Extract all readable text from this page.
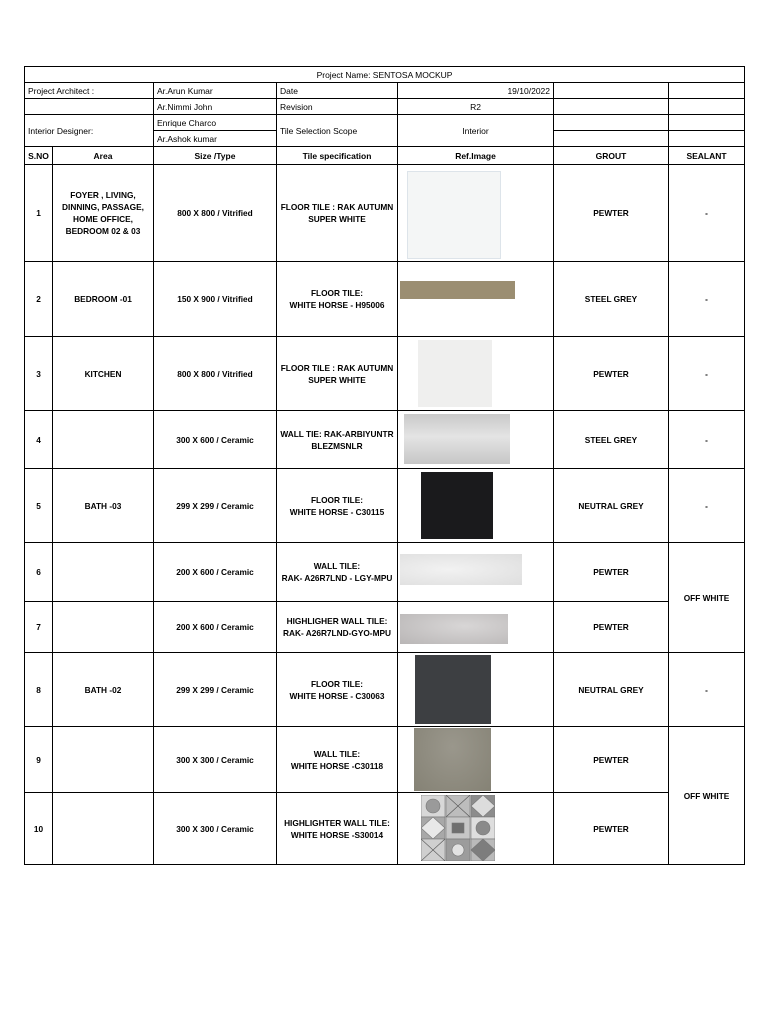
Project Name: SENTOSA MOCKUP						
Project Architect :		Ar.Arun Kumar	Date	19/10/2022		
		Ar.Nimmi John	Revision	R2		
Interior Designer:		Enrique Charco	Tile Selection Scope	Interior		
		Ar.Ashok kumar				
S.NO	Area	Size /Type	Tile specification	Ref.Image	GROUT	SEALANT
1	FOYER , LIVING, DINNING, PASSAGE, HOME OFFICE, BEDROOM 02 & 03	800 X 800 / Vitrified	FLOOR TILE : RAK AUTUMN SUPER WHITE		PEWTER	-
2	BEDROOM -01	150 X 900 / Vitrified	FLOOR TILE:
WHITE HORSE - H95006		STEEL GREY	-
3	KITCHEN	800 X 800 / Vitrified	FLOOR TILE : RAK AUTUMN SUPER WHITE		PEWTER	-
4		300 X 600 / Ceramic	WALL TIE: RAK-ARBIYUNTRBLEZMSNLR		STEEL GREY	-
5	BATH -03	299 X 299 / Ceramic	FLOOR TILE:
WHITE HORSE - C30115		NEUTRAL GREY	-
6		200 X 600 / Ceramic	WALL TILE:
RAK- A26R7LND - LGY-MPU		PEWTER	OFF WHITE
7		200 X 600 / Ceramic	HIGHLIGHER WALL TILE:
RAK- A26R7LND-GYO-MPU		PEWTER	
8	BATH -02	299 X 299 / Ceramic	FLOOR TILE:
WHITE HORSE - C30063		NEUTRAL GREY	-
9		300 X 300 / Ceramic	WALL TILE:
WHITE HORSE -C30118		PEWTER	OFF WHITE
10		300 X 300 / Ceramic	HIGHLIGHTER WALL TILE:
WHITE HORSE -S30014		PEWTER	
